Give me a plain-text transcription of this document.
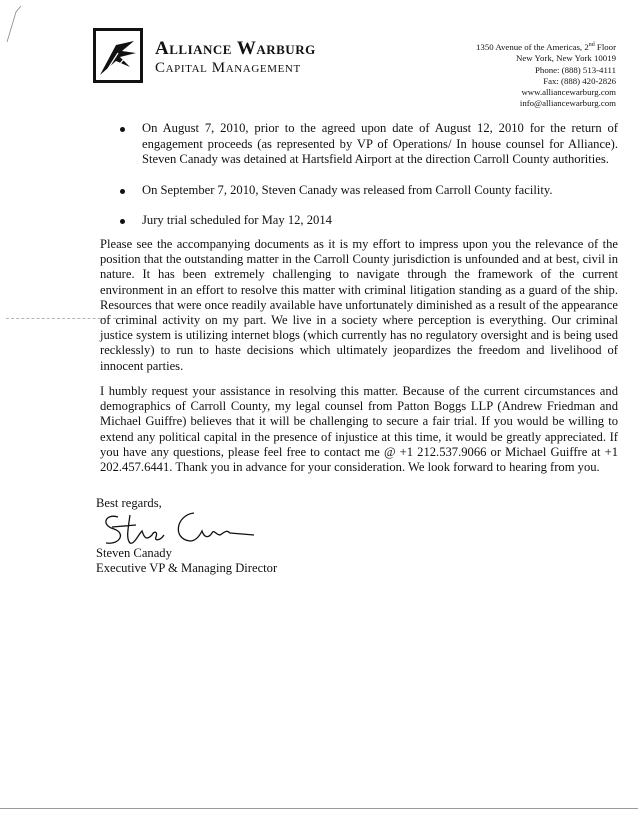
Alliance Warburg
Capital Management
1350 Avenue of the Americas, 2nd Floor
New York, New York 10019
Phone: (888) 513-4111
Fax: (888) 420-2826
www.alliancewarburg.com
info@alliancewarburg.com
On August 7, 2010, prior to the agreed upon date of August 12, 2010 for the return of engagement proceeds (as represented by VP of Operations/ In house counsel for Alliance). Steven Canady was detained at Hartsfield Airport at the direction Carroll County authorities.
On September 7, 2010, Steven Canady was released from Carroll County facility.
Jury trial scheduled for May 12, 2014

Please see the accompanying documents as it is my effort to impress upon you the relevance of the position that the outstanding matter in the Carroll County jurisdiction is unfounded and at best, civil in nature. It has been extremely challenging to navigate through the framework of the current environment in an effort to resolve this matter with criminal litigation standing as a guard of the ship. Resources that were once readily available have unfortunately diminished as a result of the appearance of criminal activity on my part. We live in a society where perception is everything. Our criminal justice system is utilizing internet blogs (which currently has no regulatory oversight and is being used recklessly) to run to haste decisions which ultimately jeopardizes the freedom and livelihood of innocent parties.

I humbly request your assistance in resolving this matter. Because of the current circumstances and demographics of Carroll County, my legal counsel from Patton Boggs LLP (Andrew Friedman and Michael Guiffre) believes that it will be challenging to secure a fair trial. If you would be willing to extend any political capital in the presence of injustice at this time, it would be greatly appreciated. If you have any questions, please feel free to contact me @ +1 212.537.9066 or Michael Guiffre at +1 202.457.6441. Thank you in advance for your consideration. We look forward to hearing from you.

Best regards,
Steven Canady
Executive VP & Managing Director
